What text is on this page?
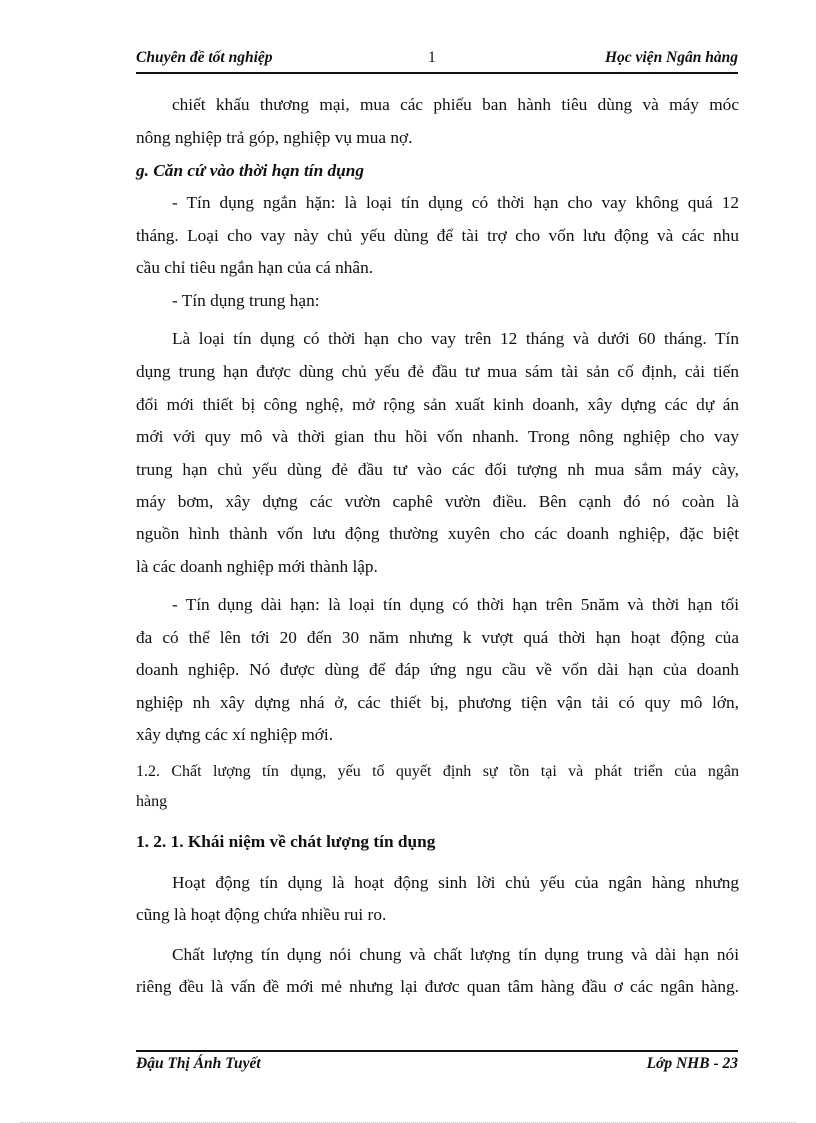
Chuyên đề tốt nghiệp	1	Học viện Ngân hàng
chiết khấu thương mại, mua các phiếu ban hành tiêu dùng và máy móc
nông nghiệp trả góp, nghiệp vụ mua nợ.
g. Căn cứ vào thời hạn tín dụng
- Tín dụng ngắn hặn: là loại tín dụng có thời hạn cho vay không quá 12
tháng. Loại cho vay này chủ yếu dùng để tài trợ cho vốn lưu động và các nhu
cầu chỉ tiêu ngắn hạn của cá nhân.
- Tín dụng trung hạn:
Là loại tín dụng có thời hạn cho vay trên 12 tháng và dưới 60 tháng. Tín
dụng trung hạn được dùng chủ yếu đẻ đầu tư mua sám tài sản cố định, cải tiến
đổi mới thiết bị công nghệ, mở rộng sản xuất kinh doanh, xây dựng các dự án
mới với quy mô và thời gian thu hồi vốn nhanh. Trong nông nghiệp cho vay
trung hạn chủ yếu dùng đẻ đầu tư vào các đối tượng nh mua sắm máy cày,
máy bơm, xây dựng các vườn caphê vườn điều. Bên cạnh đó nó coàn là
nguồn hình thành vốn lưu động thường xuyên cho các doanh nghiệp, đặc biệt
là các doanh nghiệp mới thành lập.
- Tín dụng dài hạn: là loại tín dụng có thời hạn trên 5năm và thời hạn tối
đa có thể lên tới 20 đến 30 năm nhưng k vượt quá thời hạn hoạt động của
doanh nghiệp. Nó được dùng để đáp ứng ngu cầu về vốn dài hạn của doanh
nghiệp nh xây dựng nhá ở, các thiết bị, phương tiện vận tải có quy mô lớn,
xây dựng các xí nghiệp mới.
1.2. Chất lượng tín dụng, yếu tố quyết định sự tồn tại và phát triển của ngân
hàng
1. 2. 1. Khái niệm về chát lượng tín dụng
Hoạt động tín dụng là hoạt động sinh lời chủ yếu của ngân hàng nhưng
cũng là hoạt động chứa nhiều rui ro.
Chất lượng tín dụng nói chung và chất lượng tín dụng trung và dài hạn nói
riêng đều là vấn đề mới mẻ nhưng lại đươc quan tâm hàng đầu ơ các ngân hàng.
Đậu Thị Ánh Tuyết	Lớp NHB - 23
